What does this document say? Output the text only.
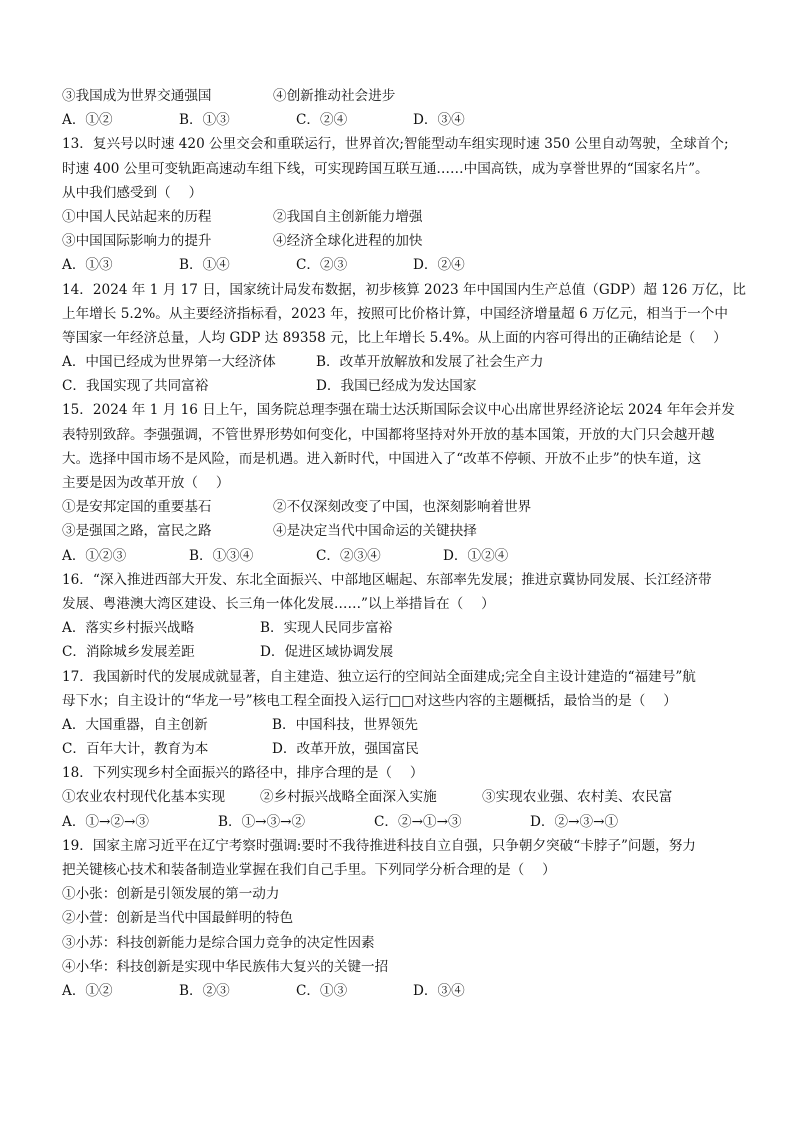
③我国成为世界交通强国	④创新推动社会进步
A．①②	B．①③	C．②④	D．③④
13．复兴号以时速 420 公里交会和重联运行，世界首次;智能型动车组实现时速 350 公里自动驾驶，全球首个;
时速 400 公里可变轨距高速动车组下线，可实现跨国互联互通……中国高铁，成为享誉世界的“国家名片”。
从中我们感受到（　 ）
①中国人民站起来的历程	②我国自主创新能力增强
③中国国际影响力的提升	④经济全球化进程的加快
A．①③	B．①④	C．②③	D．②④
14．2024 年 1 月 17 日，国家统计局发布数据，初步核算 2023 年中国国内生产总值（GDP）超 126 万亿，比
上年增长 5.2%。从主要经济指标看，2023 年，按照可比价格计算，中国经济增量超 6 万亿元，相当于一个中
等国家一年经济总量，人均 GDP 达 89358 元，比上年增长 5.4%。从上面的内容可得出的正确结论是（　 ）
A．中国已经成为世界第一大经济体	B．改革开放解放和发展了社会生产力
C．我国实现了共同富裕	D．我国已经成为发达国家
15．2024 年 1 月 16 日上午，国务院总理李强在瑞士达沃斯国际会议中心出席世界经济论坛 2024 年年会并发
表特别致辞。李强强调，不管世界形势如何变化，中国都将坚持对外开放的基本国策，开放的大门只会越开越
大。选择中国市场不是风险，而是机遇。进入新时代，中国进入了“改革不停顿、开放不止步”的快车道，这
主要是因为改革开放（　 ）
①是安邦定国的重要基石	②不仅深刻改变了中国，也深刻影响着世界
③是强国之路，富民之路	④是决定当代中国命运的关键抉择
A．①②③	B．①③④	C．②③④	D．①②④
16．“深入推进西部大开发、东北全面振兴、中部地区崛起、东部率先发展；推进京冀协同发展、长江经济带
发展、粤港澳大湾区建设、长三角一体化发展……”以上举措旨在（　 ）
A．落实乡村振兴战略	B．实现人民同步富裕
C．消除城乡发展差距	D．促进区域协调发展
17．我国新时代的发展成就显著，自主建造、独立运行的空间站全面建成;完全自主设计建造的“福建号”航
母下水；自主设计的“华龙一号”核电工程全面投入运行□□对这些内容的主题概括，最恰当的是（　 ）
A．大国重器，自主创新	B．中国科技，世界领先
C．百年大计，教育为本	D．改革开放，强国富民
18．下列实现乡村全面振兴的路径中，排序合理的是（　 ）
①农业农村现代化基本实现	②乡村振兴战略全面深入实施	③实现农业强、农村美、农民富
A．①→②→③	B．①→③→②	C．②→①→③	D．②→③→①
19．国家主席习近平在辽宁考察时强调:要时不我待推进科技自立自强，只争朝夕突破“卡脖子”问题，努力
把关键核心技术和装备制造业掌握在我们自己手里。下列同学分析合理的是（　 ）
①小张：创新是引领发展的第一动力
②小萱：创新是当代中国最鲜明的特色
③小苏：科技创新能力是综合国力竞争的决定性因素
④小华：科技创新是实现中华民族伟大复兴的关键一招
A．①②	B．②③	C．①③	D．③④
